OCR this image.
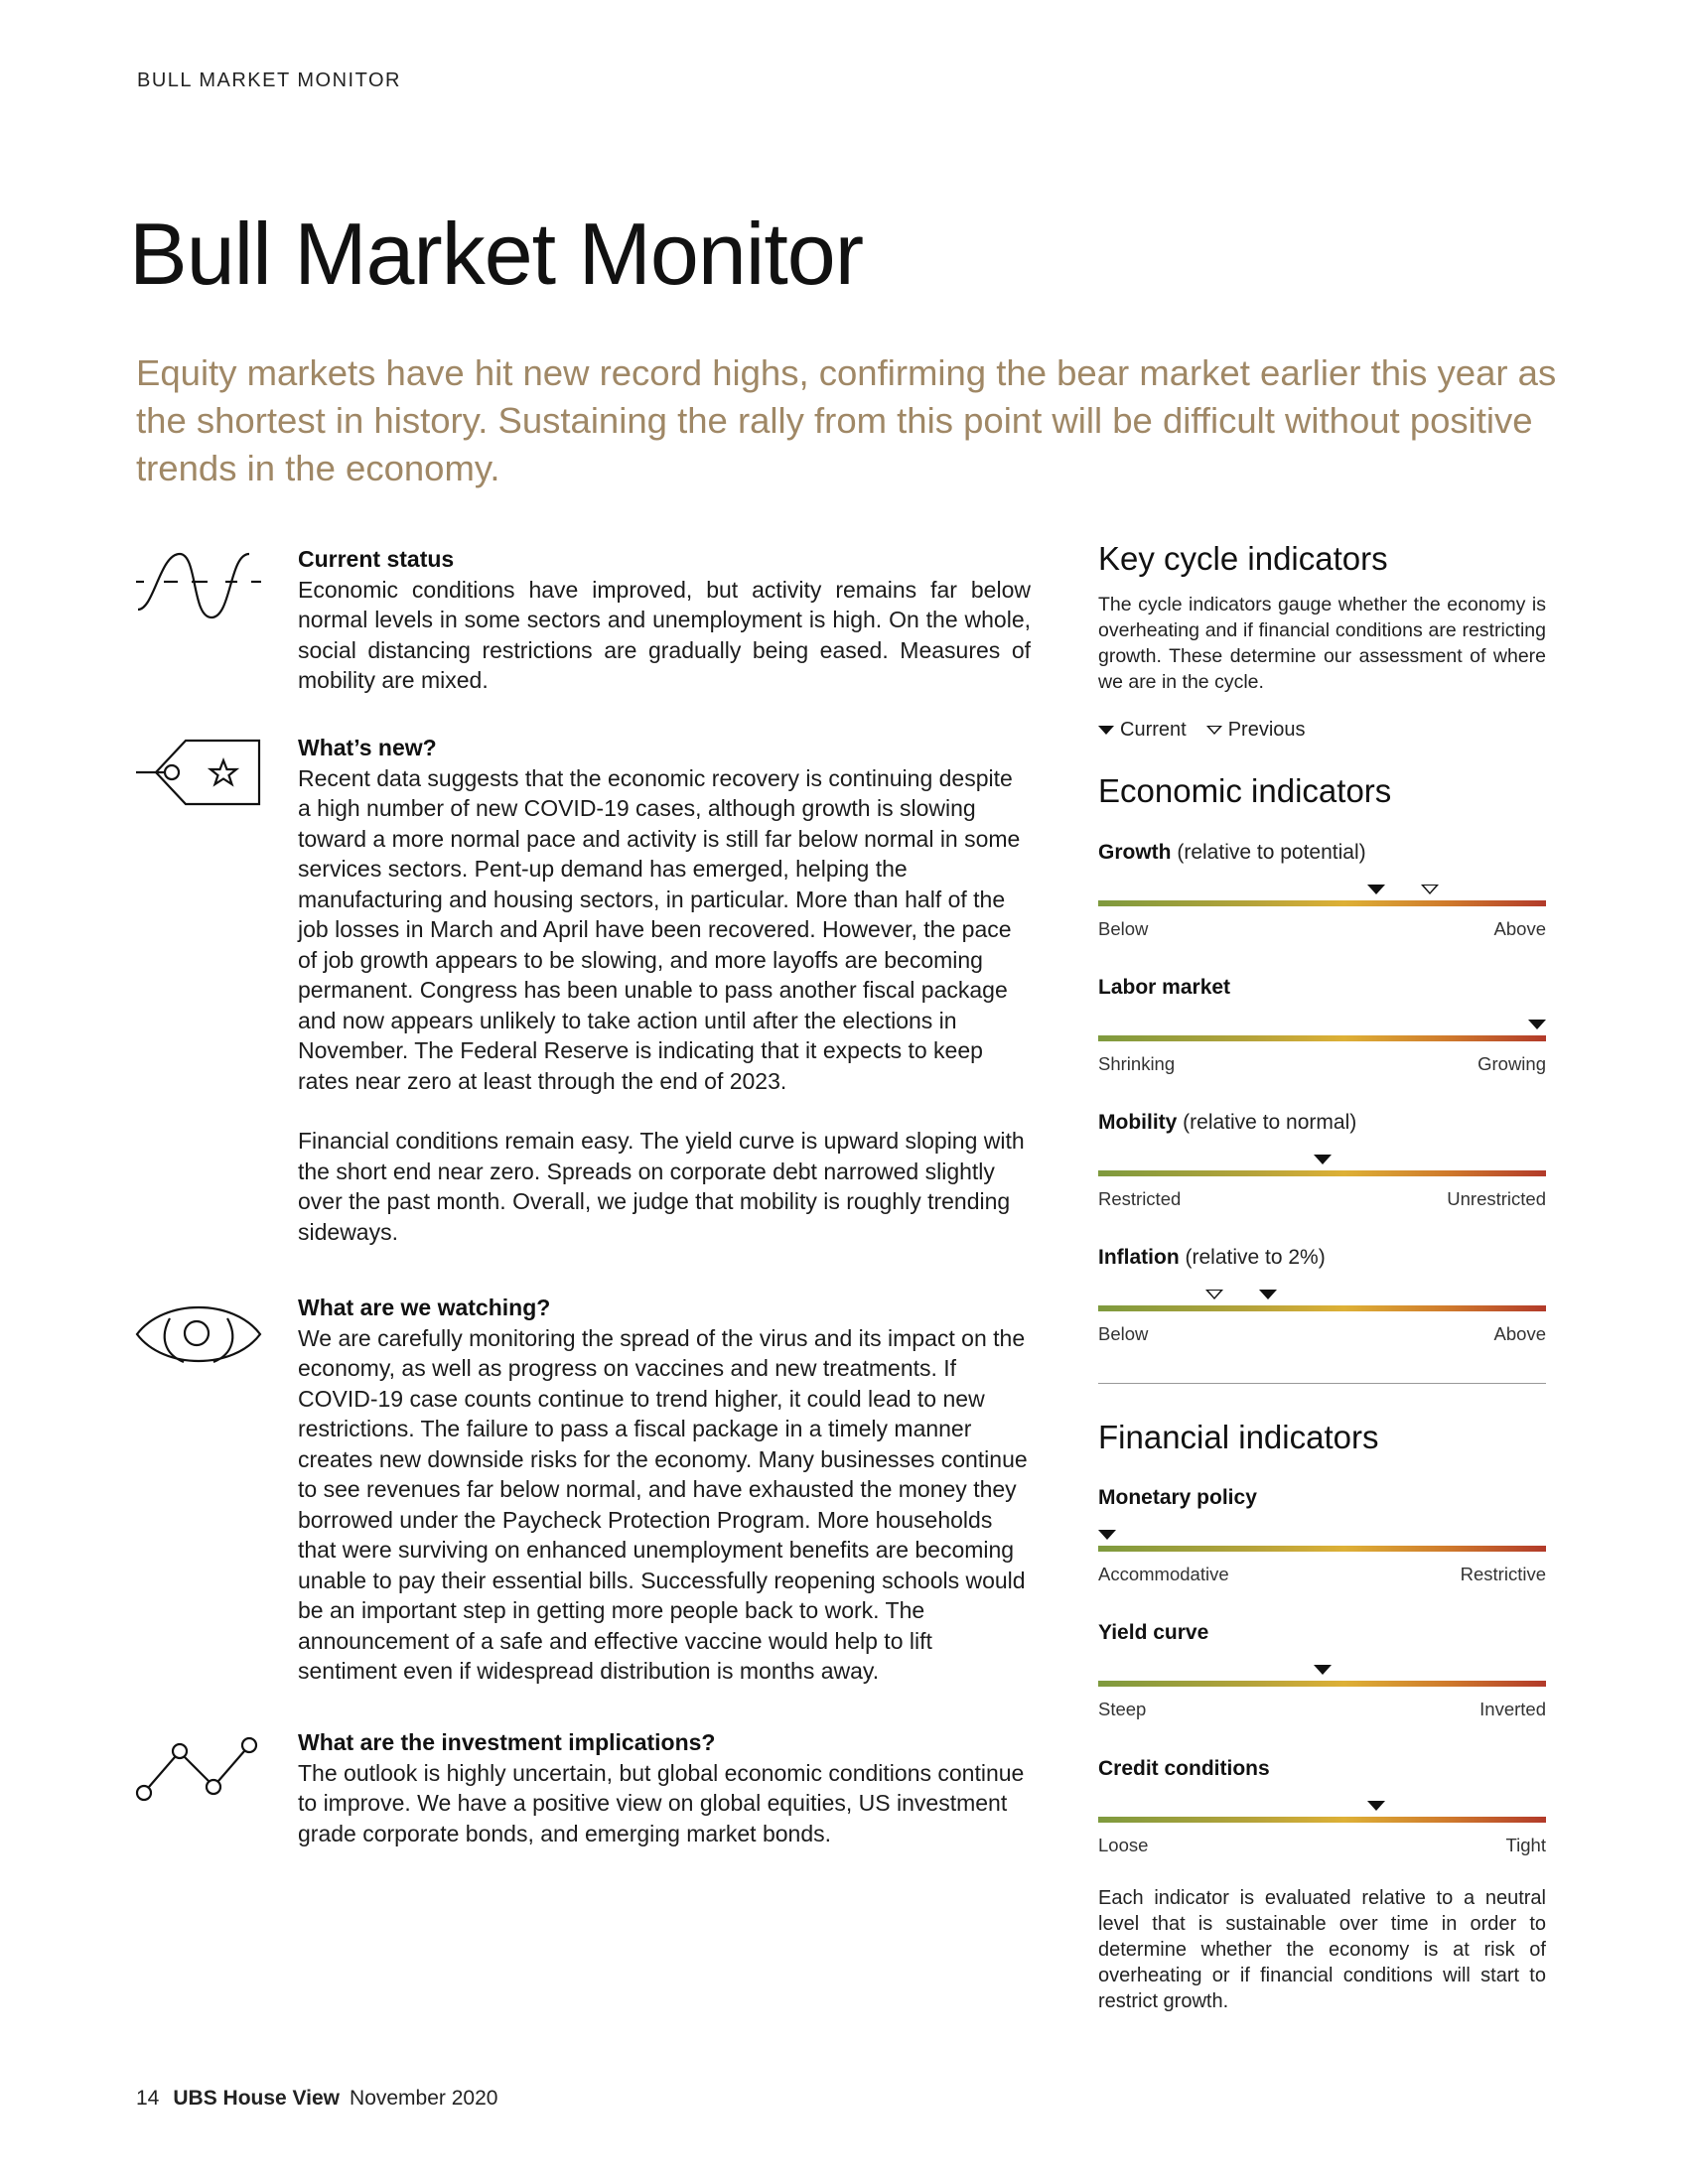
BULL MARKET MONITOR
Bull Market Monitor
Equity markets have hit new record highs, confirming the bear market earlier this year as the shortest in history. Sustaining the rally from this point will be difficult without positive trends in the economy.
Current status

Economic conditions have improved, but activity remains far below normal levels in some sectors and unemployment is high. On the whole, social distancing restrictions are gradually being eased. Measures of mobility are mixed.

What’s new?

Recent data suggests that the economic recovery is continuing despite a high number of new COVID-19 cases, although growth is slowing toward a more normal pace and activity is still far below normal in some services sectors. Pent-up demand has emerged, helping the manufacturing and housing sectors, in particular. More than half of the job losses in March and April have been recovered. However, the pace of job growth appears to be slowing, and more layoffs are becoming permanent. Congress has been unable to pass another fiscal package and now appears unlikely to take action until after the elections in November. The Federal Reserve is indicating that it expects to keep rates near zero at least through the end of 2023.

Financial conditions remain easy. The yield curve is upward sloping with the short end near zero. Spreads on corporate debt narrowed slightly over the past month. Overall, we judge that mobility is roughly trending sideways.

What are we watching?

We are carefully monitoring the spread of the virus and its impact on the economy, as well as progress on vaccines and new treatments. If COVID-19 case counts continue to trend higher, it could lead to new restrictions. The failure to pass a fiscal package in a timely manner creates new downside risks for the economy. Many businesses continue to see revenues far below normal, and have exhausted the money they borrowed under the Paycheck Protection Program. More households that were surviving on enhanced unemployment benefits are becoming unable to pay their essential bills. Successfully reopening schools would be an important step in getting more people back to work. The announcement of a safe and effective vaccine would help to lift sentiment even if widespread distribution is months away.

What are the investment implications?

The outlook is highly uncertain, but global economic conditions continue to improve. We have a positive view on global equities, US investment grade corporate bonds, and emerging market bonds.

Key cycle indicators

The cycle indicators gauge whether the economy is overheating and if financial conditions are restricting growth. These determine our assessment of where we are in the cycle.

Current Previous
Economic indicators
Growth (relative to potential)
Below	Above
Labor market
Shrinking	Growing
Mobility (relative to normal)
Restricted	Unrestricted
Inflation (relative to 2%)
Below	Above
Financial indicators
Monetary policy
Accommodative	Restrictive
Yield curve
Steep	Inverted
Credit conditions
Loose	Tight

Each indicator is evaluated relative to a neutral level that is sustainable over time in order to determine whether the economy is at risk of overheating or if financial conditions will start to restrict growth.

14 UBS House View November 2020
